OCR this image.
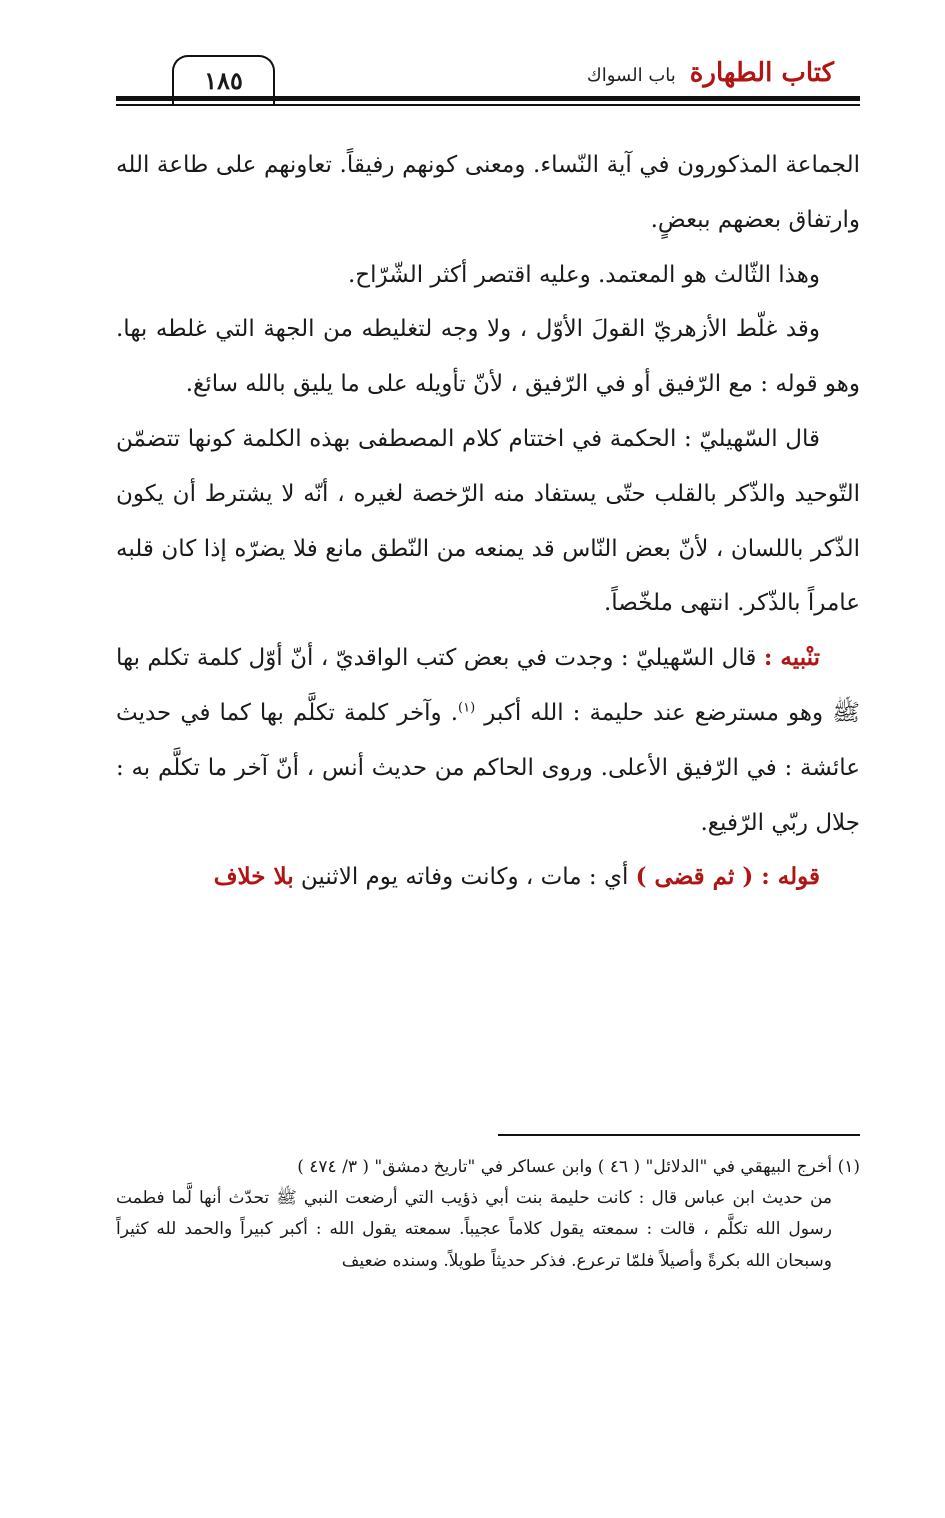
١٨٥	كتاب الطهارةباب السواك

الجماعة المذكورون في آية النّساء. ومعنى كونهم رفيقاً. تعاونهم على طاعة الله وارتفاق بعضهم ببعضٍ.

وهذا الثّالث هو المعتمد. وعليه اقتصر أكثر الشّرّاح.

وقد غلّط الأزهريّ القولَ الأوّل ، ولا وجه لتغليطه من الجهة التي غلطه بها. وهو قوله : مع الرّفيق أو في الرّفيق ، لأنّ تأويله على ما يليق بالله سائغ.

قال السّهيليّ : الحكمة في اختتام كلام المصطفى بهذه الكلمة كونها تتضمّن التّوحيد والذّكر بالقلب حتّى يستفاد منه الرّخصة لغيره ، أنّه لا يشترط أن يكون الذّكر باللسان ، لأنّ بعض النّاس قد يمنعه من النّطق مانع فلا يضرّه إذا كان قلبه عامراً بالذّكر. انتهى ملخّصاً.

تنْبيه : قال السّهيليّ : وجدت في بعض كتب الواقديّ ، أنّ أوّل كلمة تكلم بها ﷺ وهو مسترضع عند حليمة : الله أكبر $^{(١)}$. وآخر كلمة تكلَّم بها كما في حديث عائشة : في الرّفيق الأعلى. وروى الحاكم من حديث أنس ، أنّ آخر ما تكلَّم به : جلال ربّي الرّفيع.

قوله : ( ثم قضى ) أي : مات ، وكانت وفاته يوم الاثنين بلا خلاف

(١) أخرج البيهقي في "الدلائل" ( ٤٦ ) وابن عساكر في "تاريخ دمشق" ( ٣/ ٤٧٤ )

من حديث ابن عباس قال : كانت حليمة بنت أبي ذؤيب التي أرضعت النبي ﷺ تحدّث أنها لَّما فطمت رسول الله تكلَّم ، قالت : سمعته يقول كلاماً عجيباً. سمعته يقول الله : أكبر كبيراً والحمد لله كثيراً وسبحان الله بكرةً وأصيلاً فلمّا ترعرع. فذكر حديثاً طويلاً. وسنده ضعيف
